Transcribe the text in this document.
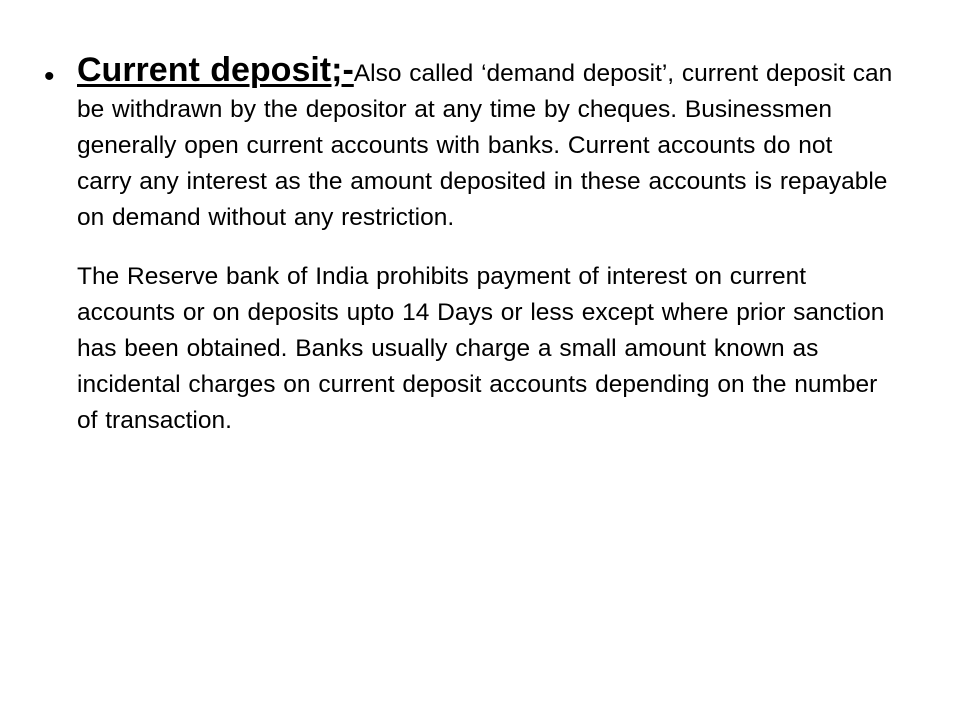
• Current deposit;-Also called ‘demand deposit’, current deposit can be withdrawn by the depositor at any time by cheques. Businessmen generally open current accounts with banks. Current accounts do not carry any interest as the amount deposited in these accounts is repayable on demand without any restriction.

The Reserve bank of India prohibits payment of interest on current accounts or on deposits upto 14 Days or less except where prior sanction has been obtained. Banks usually charge a small amount known as incidental charges on current deposit accounts depending on the number of transaction.
